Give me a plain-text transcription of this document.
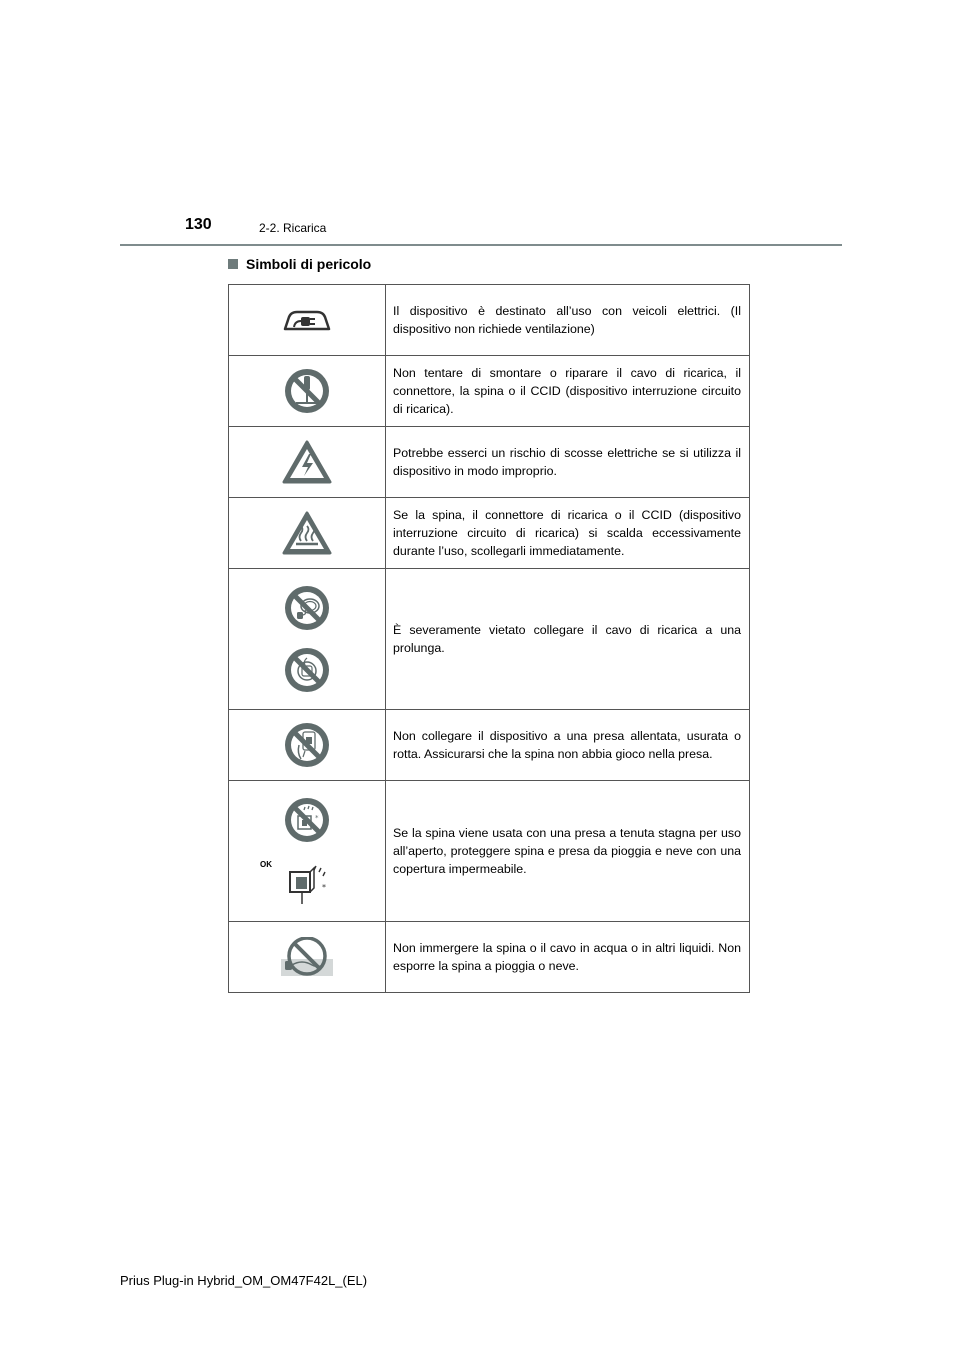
130	2-2. Ricarica
Simboli di pericolo
	Il dispositivo è destinato all’uso con veicoli elettrici. (Il dispositivo non richiede ventilazione)

	Non tentare di smontare o riparare il cavo di ricarica, il connettore, la spina o il CCID (dispositivo interruzione circuito di ricarica).

	Potrebbe esserci un rischio di scosse elettriche se si utilizza il dispositivo in modo improprio.

	Se la spina, il connettore di ricarica o il CCID (dispositivo interruzione circuito di ricarica) si scalda eccessivamente durante l’uso, scollegarli immediatamente.

	È severamente vietato collegare il cavo di ricarica a una prolunga.

	Non collegare il dispositivo a una presa allentata, usurata o rotta. Assicurarsi che la spina non abbia gioco nella presa.

*
OK
*	Se la spina viene usata con una presa a tenuta stagna per uso all’aperto, proteggere spina e presa da pioggia e neve con una copertura impermeabile.

	Non immergere la spina o il cavo in acqua o in altri liquidi. Non esporre la spina a pioggia o neve.
Prius Plug-in Hybrid_OM_OM47F42L_(EL)
